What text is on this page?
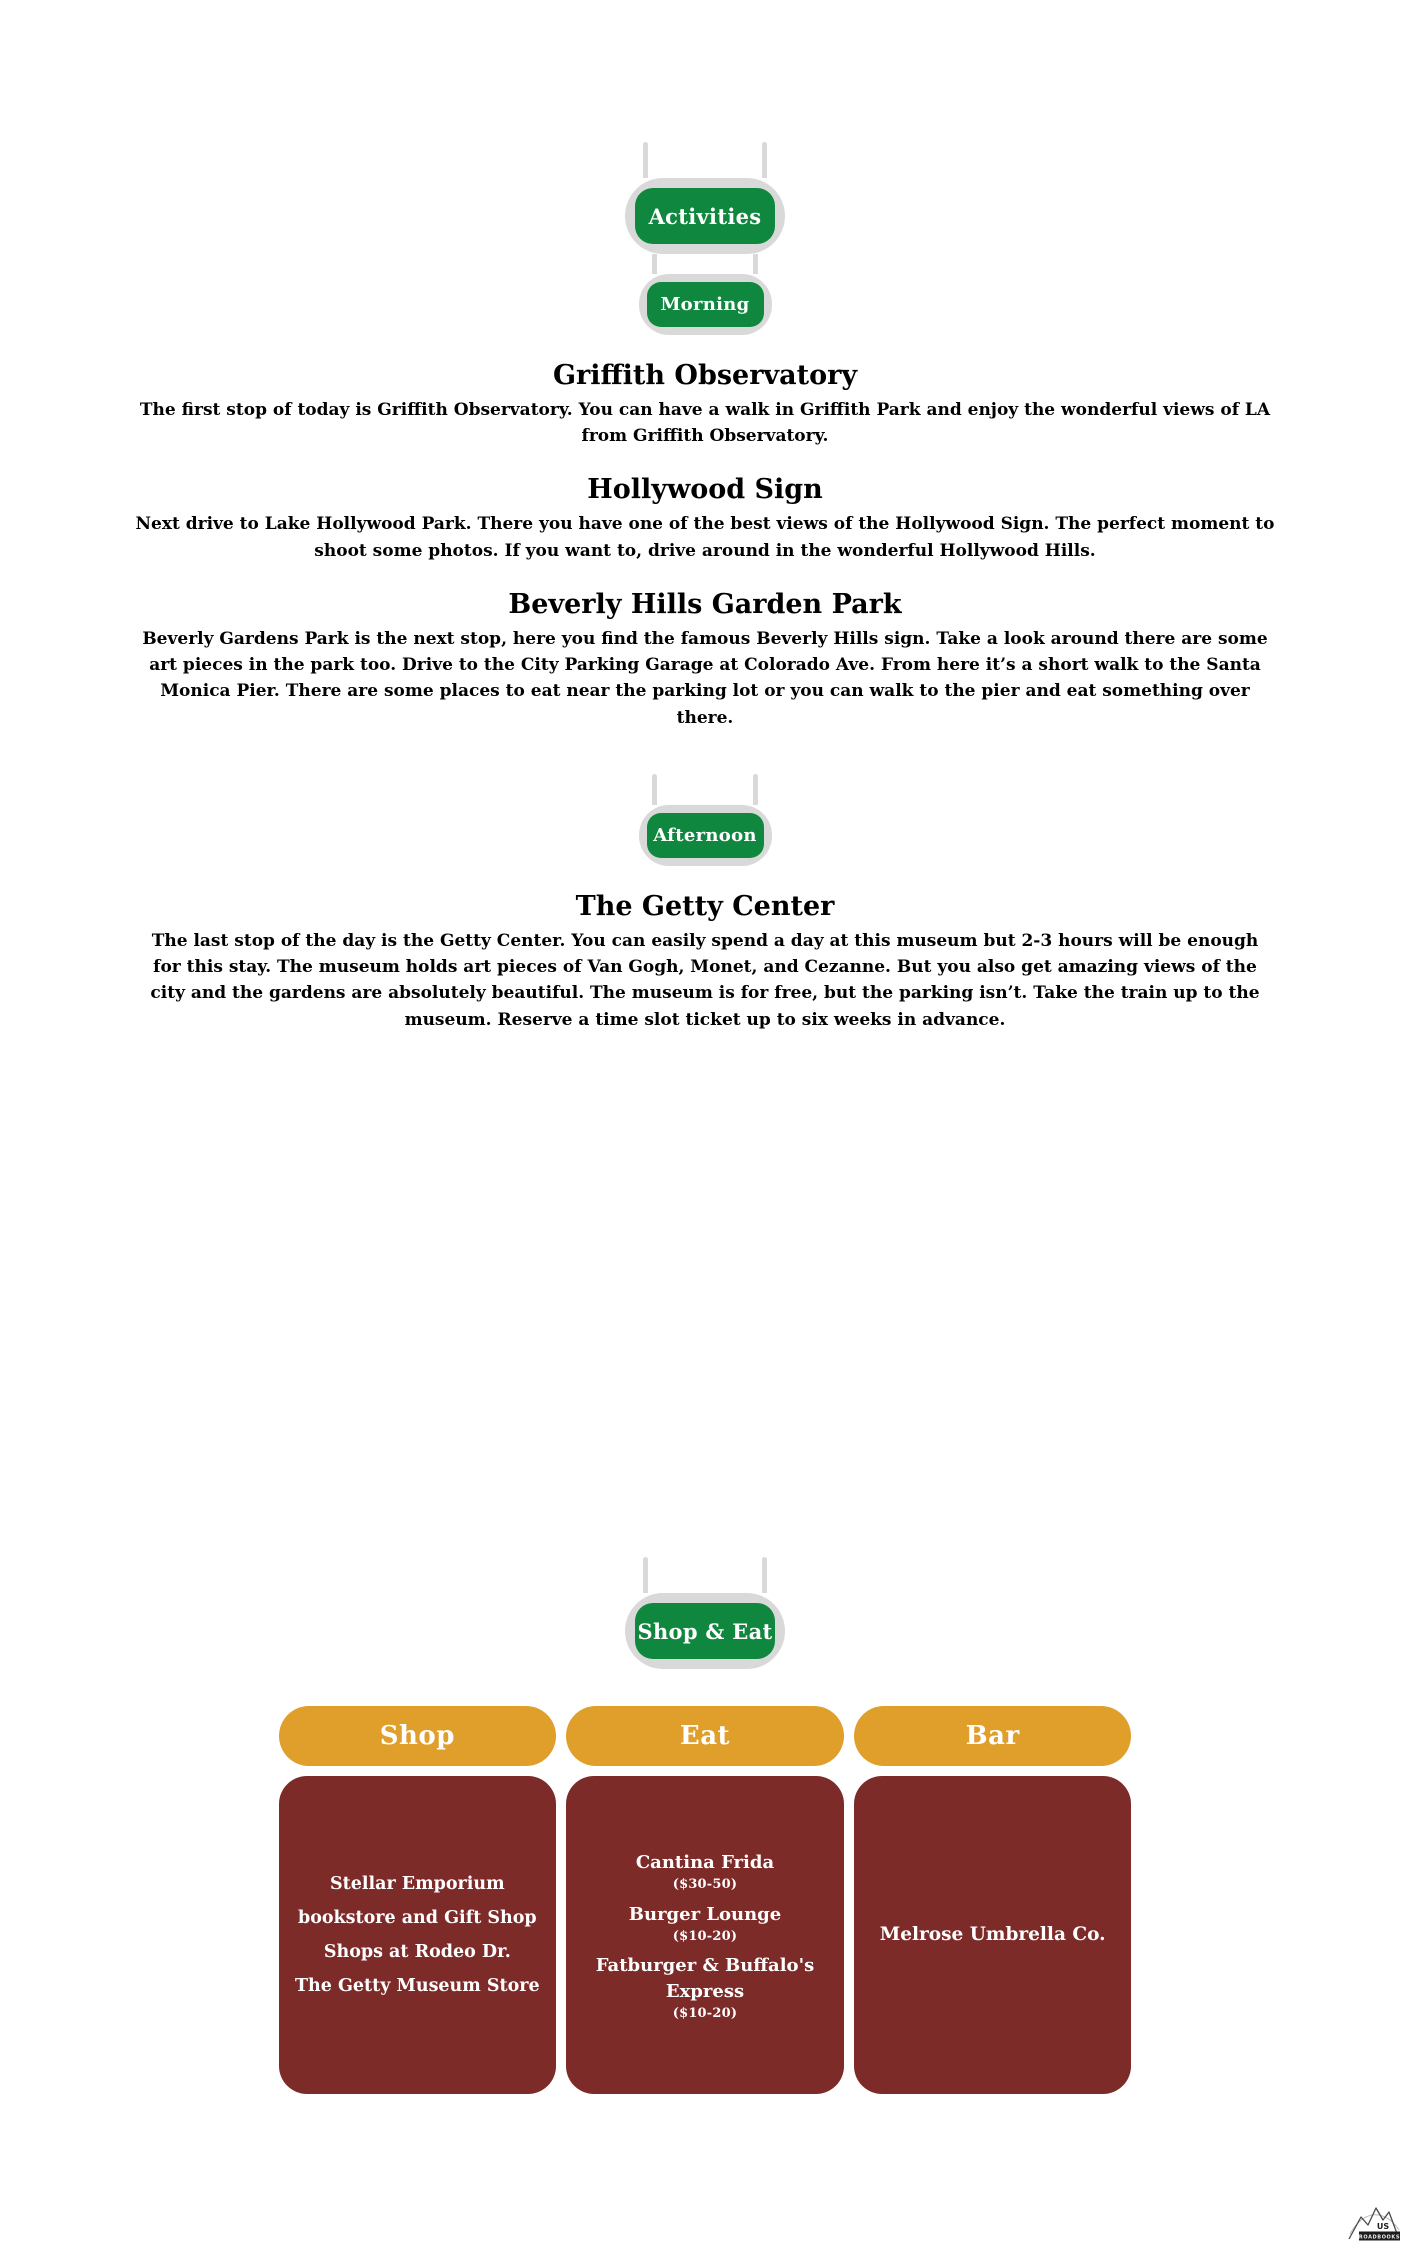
Activities
Morning
Griffith Observatory

The first stop of today is Griffith Observatory. You can have a walk in Griffith Park and enjoy the wonderful views of LA from Griffith Observatory.

Hollywood Sign

Next drive to Lake Hollywood Park. There you have one of the best views of the Hollywood Sign. The perfect moment to shoot some photos. If you want to, drive around in the wonderful Hollywood Hills.

Beverly Hills Garden Park

Beverly Gardens Park is the next stop, here you find the famous Beverly Hills sign. Take a look around there are some art pieces in the park too. Drive to the City Parking Garage at Colorado Ave. From here it’s a short walk to the Santa Monica Pier. There are some places to eat near the parking lot or you can walk to the pier and eat something over there.

Afternoon
The Getty Center

The last stop of the day is the Getty Center. You can easily spend a day at this museum but 2-3 hours will be enough for this stay. The museum holds art pieces of Van Gogh, Monet, and Cezanne. But you also get amazing views of the city and the gardens are absolutely beautiful. The museum is for free, but the parking isn’t. Take the train up to the museum. Reserve a time slot ticket up to six weeks in advance.

Shop & Eat
Shop
Stellar Emporium
bookstore and Gift Shop
Shops at Rodeo Dr.
The Getty Museum Store
Eat
Cantina Frida
($30-50)
Burger Lounge
($10-20)
Fatburger & Buffalo's Express
($10-20)
Bar
Melrose Umbrella Co.
US
ROADBOOKS
